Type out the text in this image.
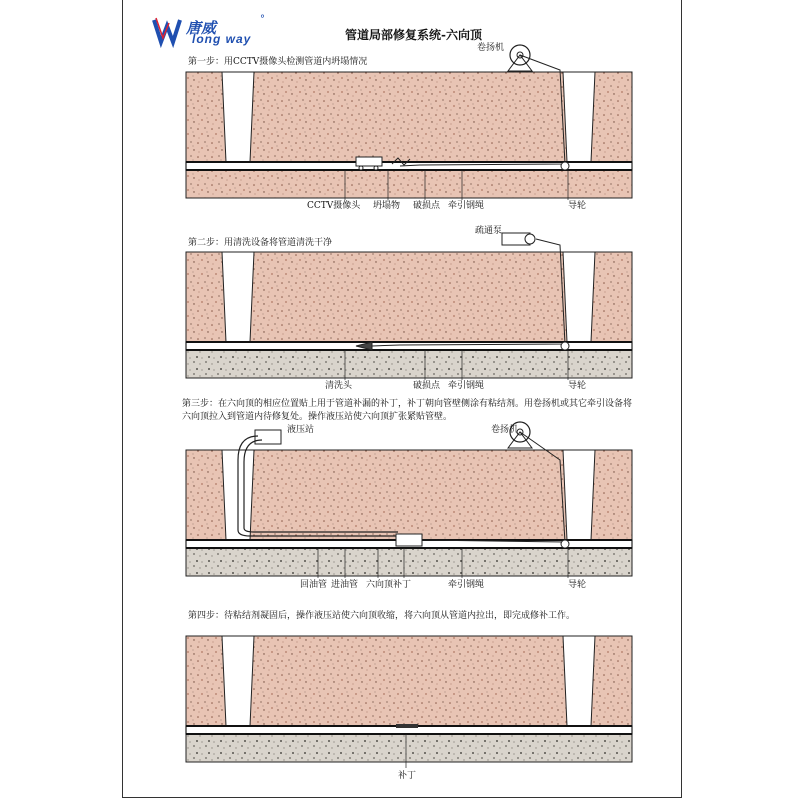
唐威
long way
°
管道局部修复系统-六向顶
第一步：用CCTV摄像头检测管道内坍塌情况
第二步：用清洗设备将管道清洗干净
第三步：在六向顶的相应位置贴上用于管道补漏的补丁，补丁朝向管壁侧涂有粘结剂。用卷扬机或其它牵引设备将
六向顶拉入到管道内待修复处。操作液压站使六向顶扩张紧贴管壁。
第四步：待粘结剂凝固后，操作液压站使六向顶收缩，将六向顶从管道内拉出，即完成修补工作。
卷扬机
CCTV摄像头 坍塌物 破损点 牵引钢绳	导轮
疏通泵
清洗头	破损点 牵引钢绳	导轮
液压站	卷扬机
回油管 进油管 六向顶 补丁	牵引钢绳	导轮
补丁
